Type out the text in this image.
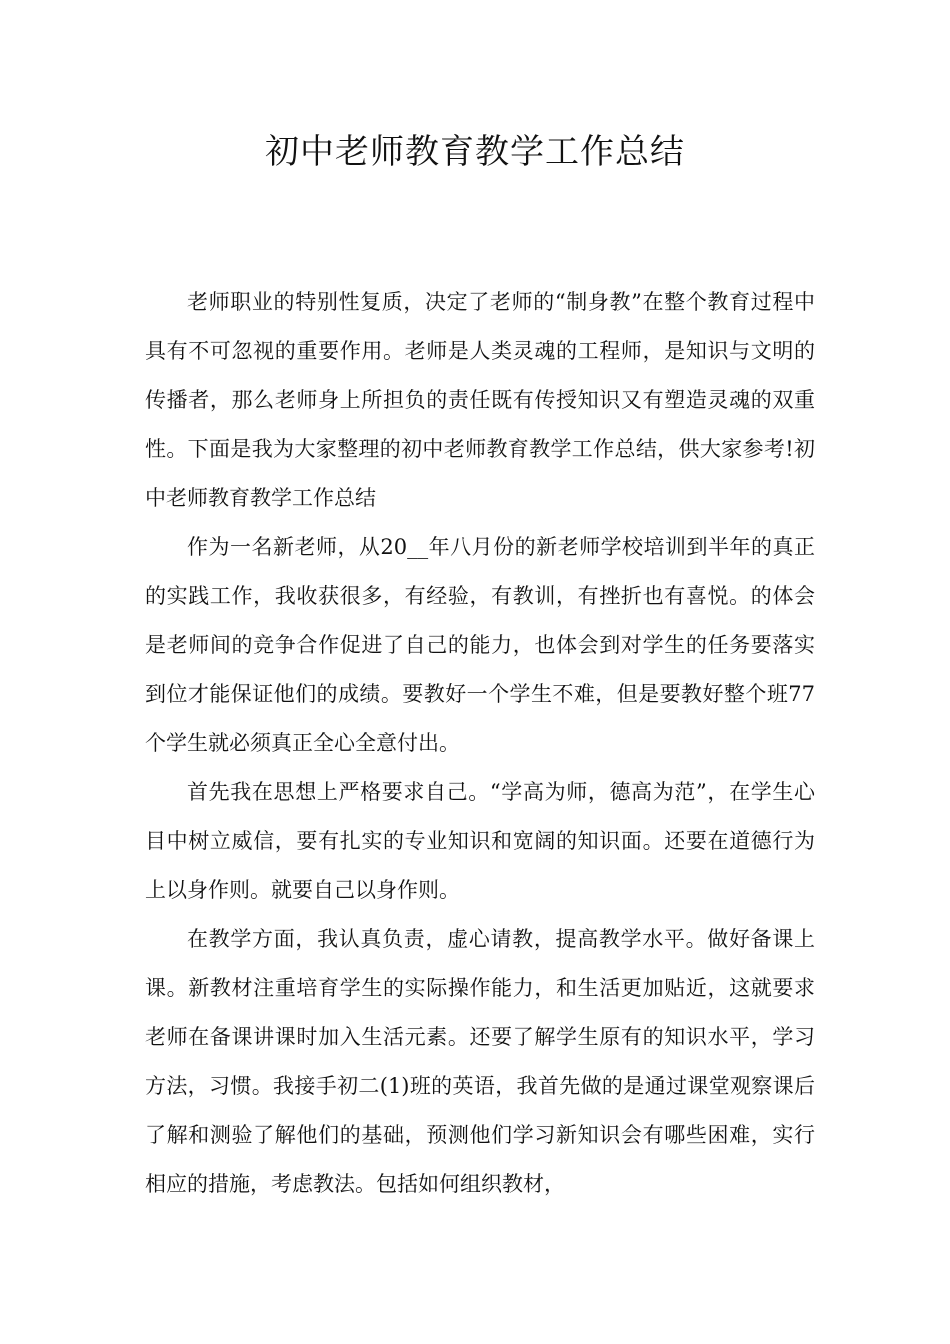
初中老师教育教学工作总结

老师职业的特别性复质，决定了老师的“制身教”在整个教育过程中具有不可忽视的重要作用。老师是人类灵魂的工程师，是知识与文明的传播者，那么老师身上所担负的责任既有传授知识又有塑造灵魂的双重性。下面是我为大家整理的初中老师教育教学工作总结，供大家参考!初中老师教育教学工作总结

作为一名新老师，从20__年八月份的新老师学校培训到半年的真正的实践工作，我收获很多，有经验，有教训，有挫折也有喜悦。的体会是老师间的竞争合作促进了自己的能力，也体会到对学生的任务要落实到位才能保证他们的成绩。要教好一个学生不难，但是要教好整个班77个学生就必须真正全心全意付出。

首先我在思想上严格要求自己。“学高为师，德高为范”，在学生心目中树立威信，要有扎实的专业知识和宽阔的知识面。还要在道德行为上以身作则。就要自己以身作则。

在教学方面，我认真负责，虚心请教，提高教学水平。做好备课上课。新教材注重培育学生的实际操作能力，和生活更加贴近，这就要求老师在备课讲课时加入生活元素。还要了解学生原有的知识水平，学习方法，习惯。我接手初二(1)班的英语，我首先做的是通过课堂观察课后了解和测验了解他们的基础，预测他们学习新知识会有哪些困难，实行相应的措施，考虑教法。包括如何组织教材，
